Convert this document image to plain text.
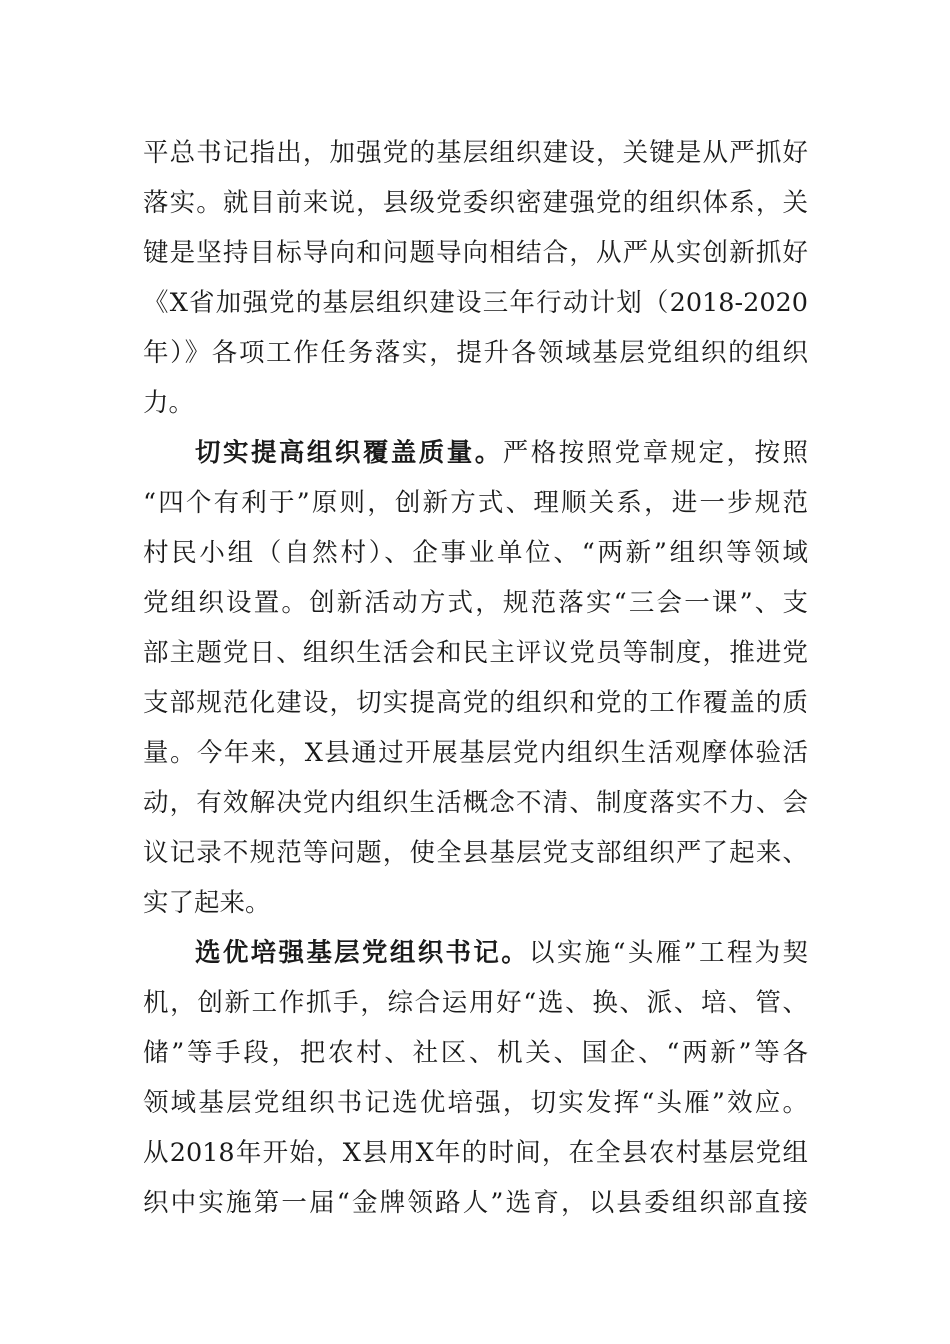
平总书记指出，加强党的基层组织建设，关键是从严抓好
落实。就目前来说，县级党委织密建强党的组织体系，关
键是坚持目标导向和问题导向相结合，从严从实创新抓好
《X省加强党的基层组织建设三年行动计划（2018-2020
年）》各项工作任务落实，提升各领域基层党组织的组织
力。
切实提高组织覆盖质量。严格按照党章规定，按照
“四个有利于”原则，创新方式、理顺关系，进一步规范
村民小组（自然村）、企事业单位、“两新”组织等领域
党组织设置。创新活动方式，规范落实“三会一课”、支
部主题党日、组织生活会和民主评议党员等制度，推进党
支部规范化建设，切实提高党的组织和党的工作覆盖的质
量。今年来，X县通过开展基层党内组织生活观摩体验活
动，有效解决党内组织生活概念不清、制度落实不力、会
议记录不规范等问题，使全县基层党支部组织严了起来、
实了起来。
选优培强基层党组织书记。以实施“头雁”工程为契
机，创新工作抓手，综合运用好“选、换、派、培、管、
储”等手段，把农村、社区、机关、国企、“两新”等各
领域基层党组织书记选优培强，切实发挥“头雁”效应。
从2018年开始，X县用X年的时间，在全县农村基层党组
织中实施第一届“金牌领路人”选育，以县委组织部直接
